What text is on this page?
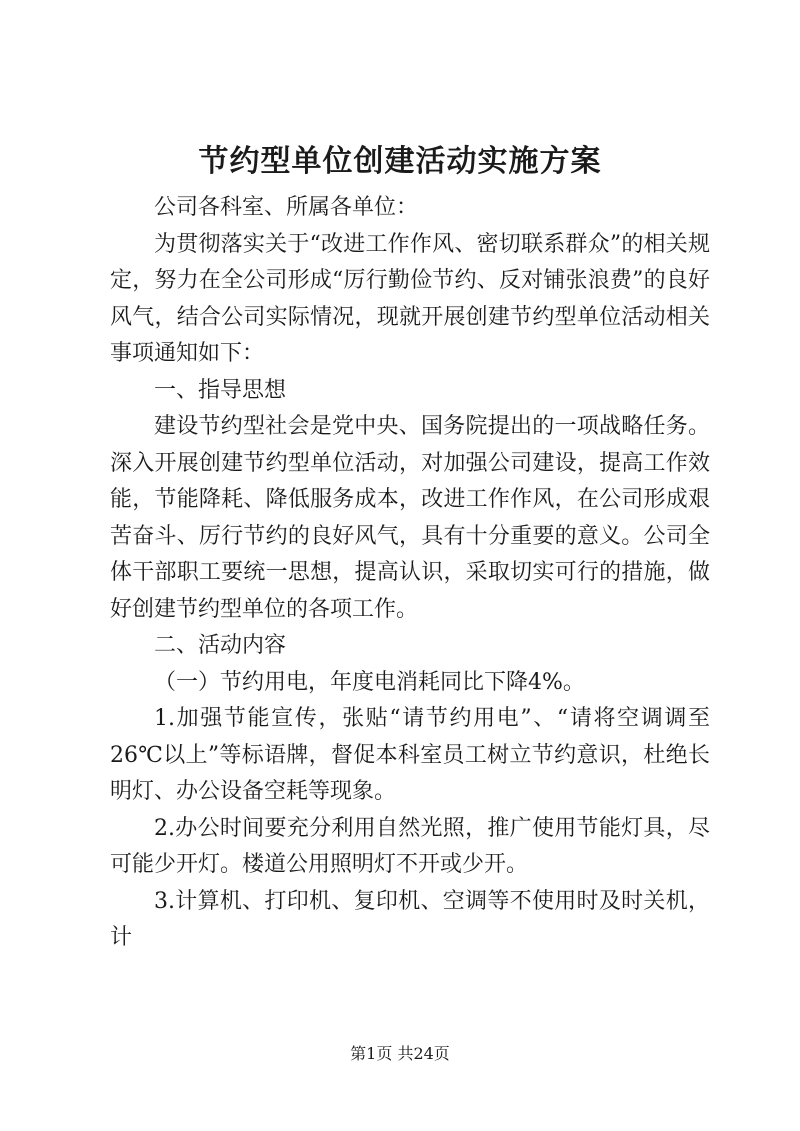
节约型单位创建活动实施方案

公司各科室、所属各单位：

为贯彻落实关于“改进工作作风、密切联系群众”的相关规定，努力在全公司形成“厉行勤俭节约、反对铺张浪费”的良好风气，结合公司实际情况，现就开展创建节约型单位活动相关事项通知如下：

一、指导思想

建设节约型社会是党中央、国务院提出的一项战略任务。深入开展创建节约型单位活动，对加强公司建设，提高工作效能，节能降耗、降低服务成本，改进工作作风，在公司形成艰苦奋斗、厉行节约的良好风气，具有十分重要的意义。公司全体干部职工要统一思想，提高认识，采取切实可行的措施，做好创建节约型单位的各项工作。

二、活动内容

（一）节约用电，年度电消耗同比下降4%。

1.加强节能宣传，张贴“请节约用电”、“请将空调调至26℃以上”等标语牌，督促本科室员工树立节约意识，杜绝长明灯、办公设备空耗等现象。

2.办公时间要充分利用自然光照，推广使用节能灯具，尽可能少开灯。楼道公用照明灯不开或少开。

3.计算机、打印机、复印机、空调等不使用时及时关机，计

第1页 共24页
